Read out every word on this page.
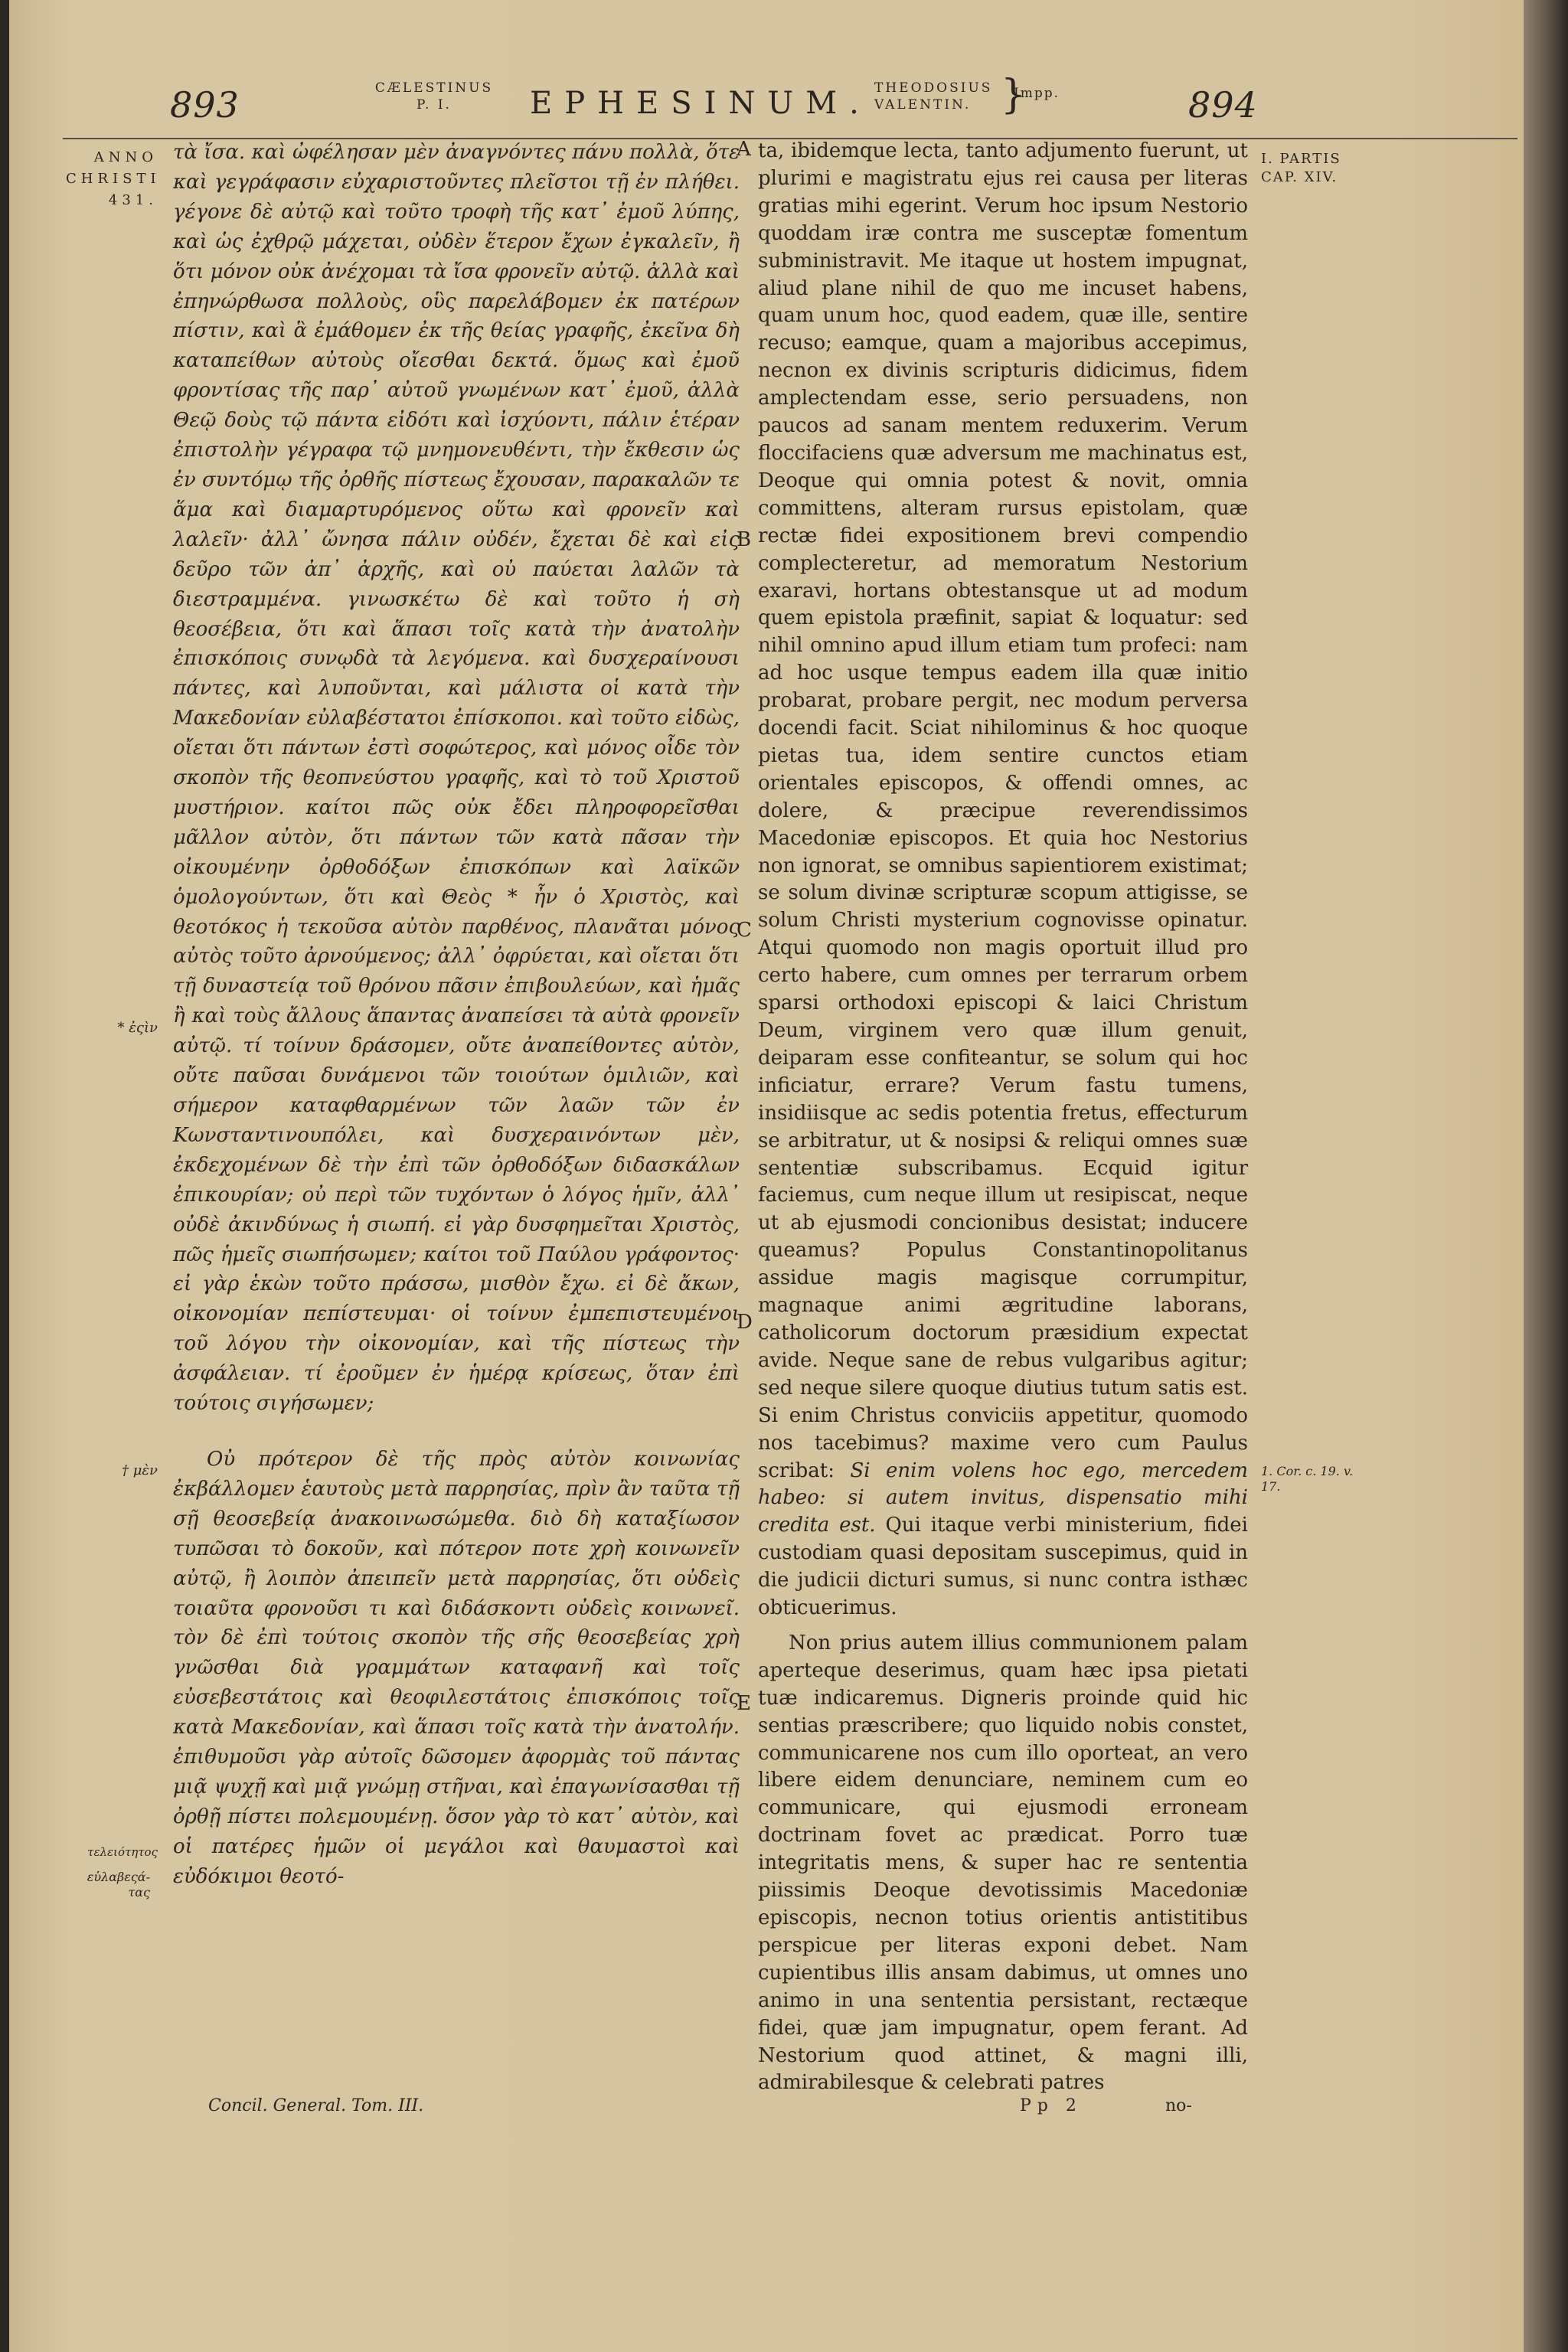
893	CÆLESTINUS P. I.	EPHESINUM. THEODOSIUS VALENTIN. }
Impp.	894
ANNO CHRISTI 431.
* ἐςὶν
† μὲν
τελειότητος
εὐλαβεςά-τας
I. PARTIS CAP. XIV.
1. Cor. c. 19. v. 17.

τὰ ἴσα. καὶ ὠφέλησαν μὲν ἀναγνόντες πάνυ πολλὰ, ὅτε καὶ γεγράφασιν εὐχαριστοῦντες πλεῖστοι τῇ ἐν πλήθει. γέγονε δὲ αὐτῷ καὶ τοῦτο τροφὴ τῆς κατ᾽ ἐμοῦ λύπης, καὶ ὡς ἐχθρῷ μάχεται, οὐδὲν ἕτερον ἔχων ἐγκαλεῖν, ἢ ὅτι μόνον οὐκ ἀνέχομαι τὰ ἴσα φρονεῖν αὐτῷ. ἀλλὰ καὶ ἐπηνώρθωσα πολλοὺς, οὓς παρελάβομεν ἐκ πατέρων πίστιν, καὶ ἃ ἐμάθομεν ἐκ τῆς θείας γραφῆς, ἐκεῖνα δὴ καταπείθων αὐτοὺς οἴεσθαι δεκτά. ὅμως καὶ ἐμοῦ φροντίσας τῆς παρ᾽ αὐτοῦ γνωμένων κατ᾽ ἐμοῦ, ἀλλὰ Θεῷ δοὺς τῷ πάντα εἰδότι καὶ ἰσχύοντι, πάλιν ἑτέραν ἐπιστολὴν γέγραφα τῷ μνημονευθέντι, τὴν ἔκθεσιν ὡς ἐν συντόμῳ τῆς ὀρθῆς πίστεως ἔχουσαν, παρακαλῶν τε ἅμα καὶ διαμαρτυρόμενος οὕτω καὶ φρονεῖν καὶ λαλεῖν· ἀλλ᾽ ὤνησα πάλιν οὐδέν, ἔχεται δὲ καὶ εἰς δεῦρο τῶν ἀπ᾽ ἀρχῆς, καὶ οὐ παύεται λαλῶν τὰ διεστραμμένα. γινωσκέτω δὲ καὶ τοῦτο ἡ σὴ θεοσέβεια, ὅτι καὶ ἅπασι τοῖς κατὰ τὴν ἀνατολὴν ἐπισκόποις συνῳδὰ τὰ λεγόμενα. καὶ δυσχεραίνουσι πάντες, καὶ λυποῦνται, καὶ μάλιστα οἱ κατὰ τὴν Μακεδονίαν εὐλαβέστατοι ἐπίσκοποι. καὶ τοῦτο εἰδὼς, οἴεται ὅτι πάντων ἐστὶ σοφώτερος, καὶ μόνος οἶδε τὸν σκοπὸν τῆς θεοπνεύστου γραφῆς, καὶ τὸ τοῦ Χριστοῦ μυστήριον. καίτοι πῶς οὐκ ἔδει πληροφορεῖσθαι μᾶλλον αὐτὸν, ὅτι πάντων τῶν κατὰ πᾶσαν τὴν οἰκουμένην ὀρθοδόξων ἐπισκόπων καὶ λαϊκῶν ὁμολογούντων, ὅτι καὶ Θεὸς * ἦν ὁ Χριστὸς, καὶ θεοτόκος ἡ τεκοῦσα αὐτὸν παρθένος, πλανᾶται μόνος αὐτὸς τοῦτο ἀρνούμενος; ἀλλ᾽ ὀφρύεται, καὶ οἴεται ὅτι τῇ δυναστείᾳ τοῦ θρόνου πᾶσιν ἐπιβουλεύων, καὶ ἡμᾶς ἢ καὶ τοὺς ἄλλους ἅπαντας ἀναπείσει τὰ αὐτὰ φρονεῖν αὐτῷ. τί τοίνυν δράσομεν, οὔτε ἀναπείθοντες αὐτὸν, οὔτε παῦσαι δυνάμενοι τῶν τοιούτων ὁμιλιῶν, καὶ σήμερον καταφθαρμένων τῶν λαῶν τῶν ἐν Κωνσταντινουπόλει, καὶ δυσχεραινόντων μὲν, ἐκδεχομένων δὲ τὴν ἐπὶ τῶν ὀρθοδόξων διδασκάλων ἐπικουρίαν; οὐ περὶ τῶν τυχόντων ὁ λόγος ἡμῖν, ἀλλ᾽ οὐδὲ ἀκινδύνως ἡ σιωπή. εἰ γὰρ δυσφημεῖται Χριστὸς, πῶς ἡμεῖς σιωπήσωμεν; καίτοι τοῦ Παύλου γράφοντος· εἰ γὰρ ἑκὼν τοῦτο πράσσω, μισθὸν ἔχω. εἰ δὲ ἄκων, οἰκονομίαν πεπίστευμαι· οἱ τοίνυν ἐμπεπιστευμένοι τοῦ λόγου τὴν οἰκονομίαν, καὶ τῆς πίστεως τὴν ἀσφάλειαν. τί ἐροῦμεν ἐν ἡμέρᾳ κρίσεως, ὅταν ἐπὶ τούτοις σιγήσωμεν;

Οὐ πρότερον δὲ τῆς πρὸς αὐτὸν κοινωνίας ἐκβάλλομεν ἑαυτοὺς μετὰ παρρησίας, πρὶν ἂν ταῦτα τῇ σῇ θεοσεβείᾳ ἀνακοινωσώμεθα. διὸ δὴ καταξίωσον τυπῶσαι τὸ δοκοῦν, καὶ πότερον ποτε χρὴ κοινωνεῖν αὐτῷ, ἢ λοιπὸν ἀπειπεῖν μετὰ παρρησίας, ὅτι οὐδεὶς τοιαῦτα φρονοῦσι τι καὶ διδάσκοντι οὐδεὶς κοινωνεῖ. τὸν δὲ ἐπὶ τούτοις σκοπὸν τῆς σῆς θεοσεβείας χρὴ γνῶσθαι διὰ γραμμάτων καταφανῆ καὶ τοῖς εὐσεβεστάτοις καὶ θεοφιλεστάτοις ἐπισκόποις τοῖς κατὰ Μακεδονίαν, καὶ ἅπασι τοῖς κατὰ τὴν ἀνατολήν. ἐπιθυμοῦσι γὰρ αὐτοῖς δῶσομεν ἀφορμὰς τοῦ πάντας μιᾷ ψυχῇ καὶ μιᾷ γνώμῃ στῆναι, καὶ ἐπαγωνίσασθαι τῇ ὀρθῇ πίστει πολεμουμένῃ. ὅσον γὰρ τὸ κατ᾽ αὐτὸν, καὶ οἱ πατέρες ἡμῶν οἱ μεγάλοι καὶ θαυμαστοὶ καὶ εὐδόκιμοι θεοτό-

A
B
C
D
E

ta, ibidemque lecta, tanto adjumento fuerunt, ut plurimi e magistratu ejus rei causa per literas gratias mihi egerint. Verum hoc ipsum Nestorio quoddam iræ contra me susceptæ fomentum subministravit. Me itaque ut hostem impugnat, aliud plane nihil de quo me incuset habens, quam unum hoc, quod eadem, quæ ille, sentire recuso; eamque, quam a majoribus accepimus, necnon ex divinis scripturis didicimus, fidem amplectendam esse, serio persuadens, non paucos ad sanam mentem reduxerim. Verum floccifaciens quæ adversum me machinatus est, Deoque qui omnia potest & novit, omnia committens, alteram rursus epistolam, quæ rectæ fidei expositionem brevi compendio complecteretur, ad memoratum Nestorium exaravi, hortans obtestansque ut ad modum quem epistola præfinit, sapiat & loquatur: sed nihil omnino apud illum etiam tum profeci: nam ad hoc usque tempus eadem illa quæ initio probarat, probare pergit, nec modum perversa docendi facit. Sciat nihilominus & hoc quoque pietas tua, idem sentire cunctos etiam orientales episcopos, & offendi omnes, ac dolere, & præcipue reverendissimos Macedoniæ episcopos. Et quia hoc Nestorius non ignorat, se omnibus sapientiorem existimat; se solum divinæ scripturæ scopum attigisse, se solum Christi mysterium cognovisse opinatur. Atqui quomodo non magis oportuit illud pro certo habere, cum omnes per terrarum orbem sparsi orthodoxi episcopi & laici Christum Deum, virginem vero quæ illum genuit, deiparam esse confiteantur, se solum qui hoc inficiatur, errare? Verum fastu tumens, insidiisque ac sedis potentia fretus, effecturum se arbitratur, ut & nosipsi & reliqui omnes suæ sententiæ subscribamus. Ecquid igitur faciemus, cum neque illum ut resipiscat, neque ut ab ejusmodi concionibus desistat; inducere queamus? Populus Constantinopolitanus assidue magis magisque corrumpitur, magnaque animi ægritudine laborans, catholicorum doctorum præsidium expectat avide. Neque sane de rebus vulgaribus agitur; sed neque silere quoque diutius tutum satis est. Si enim Christus conviciis appetitur, quomodo nos tacebimus? maxime vero cum Paulus scribat: Si enim volens hoc ego, mercedem habeo: si autem invitus, dispensatio mihi credita est. Qui itaque verbi ministerium, fidei custodiam quasi depositam suscepimus, quid in die judicii dicturi sumus, si nunc contra isthæc obticuerimus.

Non prius autem illius communionem palam aperteque deserimus, quam hæc ipsa pietati tuæ indicaremus. Digneris proinde quid hic sentias præscribere; quo liquido nobis constet, communicarene nos cum illo oporteat, an vero libere eidem denunciare, neminem cum eo communicare, qui ejusmodi erroneam doctrinam fovet ac prædicat. Porro tuæ integritatis mens, & super hac re sententia piissimis Deoque devotissimis Macedoniæ episcopis, necnon totius orientis antistitibus perspicue per literas exponi debet. Nam cupientibus illis ansam dabimus, ut omnes uno animo in una sententia persistant, rectæque fidei, quæ jam impugnatur, opem ferant. Ad Nestorium quod attinet, & magni illi, admirabilesque & celebrati patres

Concil. General. Tom. III.	Pp 2	no-
